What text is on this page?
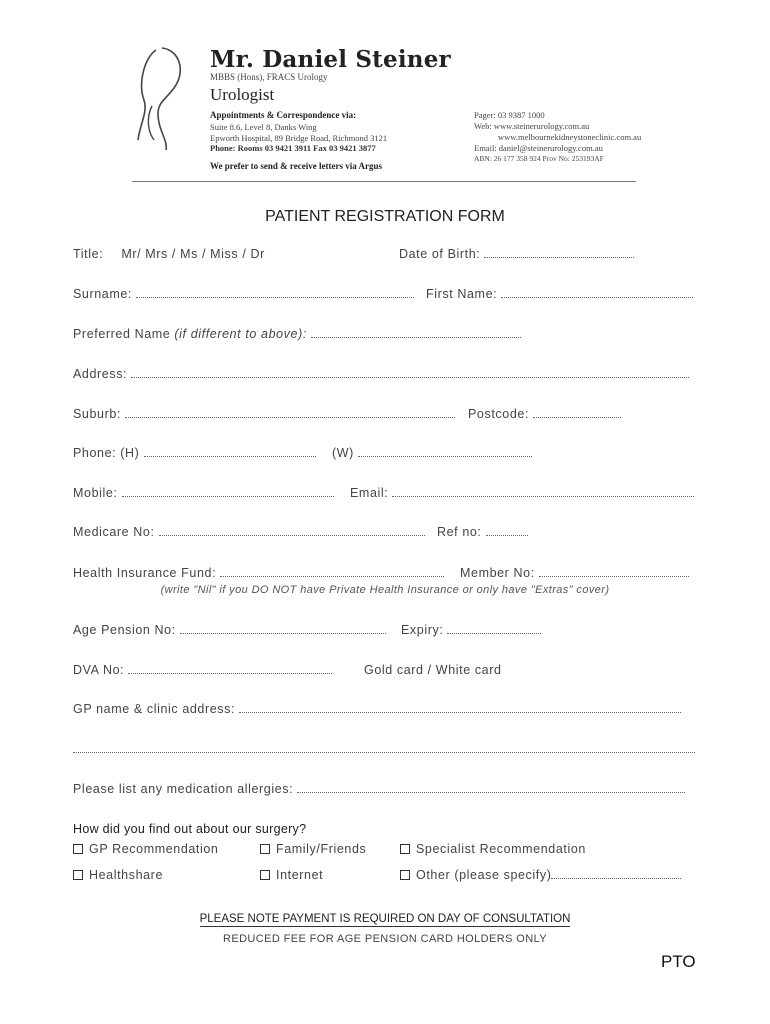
Mr. Daniel Steiner
MBBS (Hons), FRACS Urology
Urologist
Appointments & Correspondence via:
Suite 8.6, Level 8, Danks Wing
Epworth Hospital, 89 Bridge Road, Richmond 3121
Phone: Rooms 03 9421 3911 Fax 03 9421 3877
We prefer to send & receive letters via Argus
Pager: 03 9387 1000
Web: www.steinerurology.com.au
www.melbournekidneystoneclinic.com.au
Email: daniel@steinerurology.com.au
ABN: 26 177 358 924 Prov No: 253193AF
PATIENT REGISTRATION FORM
Title: Mr/ Mrs / Ms / Miss / Dr	Date of Birth:
Surname:	First Name:
Preferred Name (if different to above):
Address:
Suburb:	Postcode:
Phone: (H)	(W)
Mobile:	Email:
Medicare No:	Ref no:
Health Insurance Fund:	Member No:
(write "Nil" if you DO NOT have Private Health Insurance or only have "Extras" cover)
Age Pension No:	Expiry:
DVA No:	Gold card / White card
GP name & clinic address:
Please list any medication allergies:
How did you find out about our surgery?
GP Recommendation	Family/Friends	Specialist Recommendation
Healthshare	Internet	Other (please specify)
PLEASE NOTE PAYMENT IS REQUIRED ON DAY OF CONSULTATION
REDUCED FEE FOR AGE PENSION CARD HOLDERS ONLY
PTO
